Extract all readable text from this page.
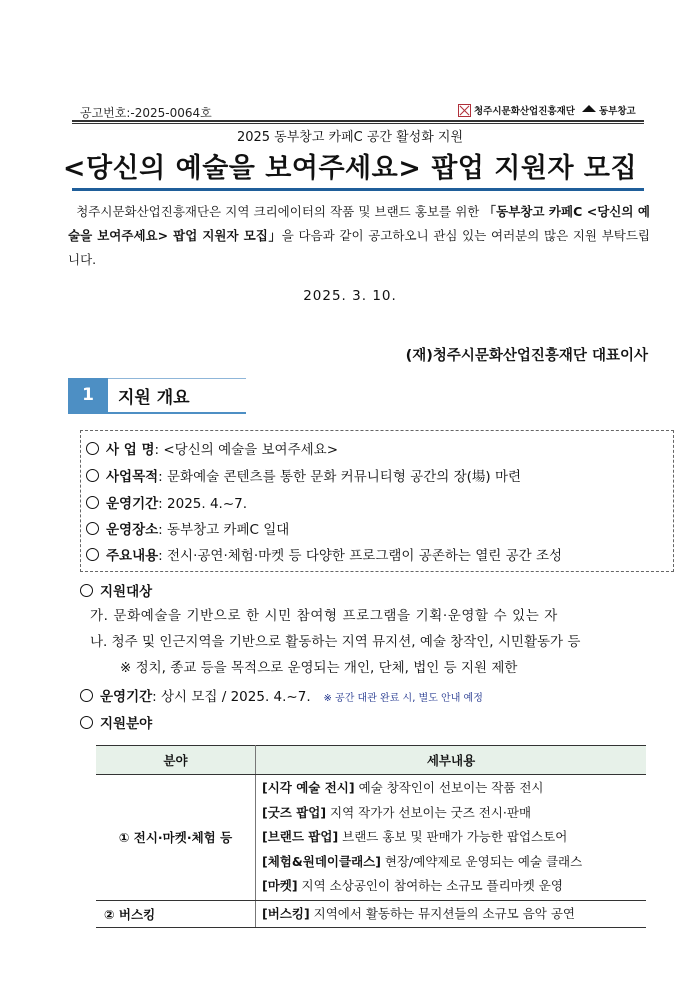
공고번호:-2025-0064호	청주시문화산업진흥재단	동부창고
2025 동부창고 카페C 공간 활성화 지원
<당신의 예술을 보여주세요> 팝업 지원자 모집
청주시문화산업진흥재단은 지역 크리에이터의 작품 및 브랜드 홍보를 위한 「동부창고 카페C <당신의 예술을 보여주세요> 팝업 지원자 모집」을 다음과 같이 공고하오니 관심 있는 여러분의 많은 지원 부탁드립니다.
2025. 3. 10.
(재)청주시문화산업진흥재단 대표이사
1	지원 개요
사 업 명: <당신의 예술을 보여주세요>
사업목적: 문화예술 콘텐츠를 통한 문화 커뮤니티형 공간의 장(場) 마련
운영기간: 2025. 4.~7.
운영장소: 동부창고 카페C 일대
주요내용: 전시·공연·체험·마켓 등 다양한 프로그램이 공존하는 열린 공간 조성
지원대상
가. 문화예술을 기반으로 한 시민 참여형 프로그램을 기획·운영할 수 있는 자
나. 청주 및 인근지역을 기반으로 활동하는 지역 뮤지션, 예술 창작인, 시민활동가 등
※ 정치, 종교 등을 목적으로 운영되는 개인, 단체, 법인 등 지원 제한
운영기간: 상시 모집 / 2025. 4.~7. ※ 공간 대관 완료 시, 별도 안내 예정
지원분야
분야	세부내용
① 전시·마켓·체험 등	[시각 예술 전시] 예술 창작인이 선보이는 작품 전시
[굿즈 팝업] 지역 작가가 선보이는 굿즈 전시·판매
[브랜드 팝업] 브랜드 홍보 및 판매가 가능한 팝업스토어
[체험&원데이클래스] 현장/예약제로 운영되는 예술 클래스
[마켓] 지역 소상공인이 참여하는 소규모 플리마켓 운영

② 버스킹	[버스킹] 지역에서 활동하는 뮤지션들의 소규모 음악 공연
